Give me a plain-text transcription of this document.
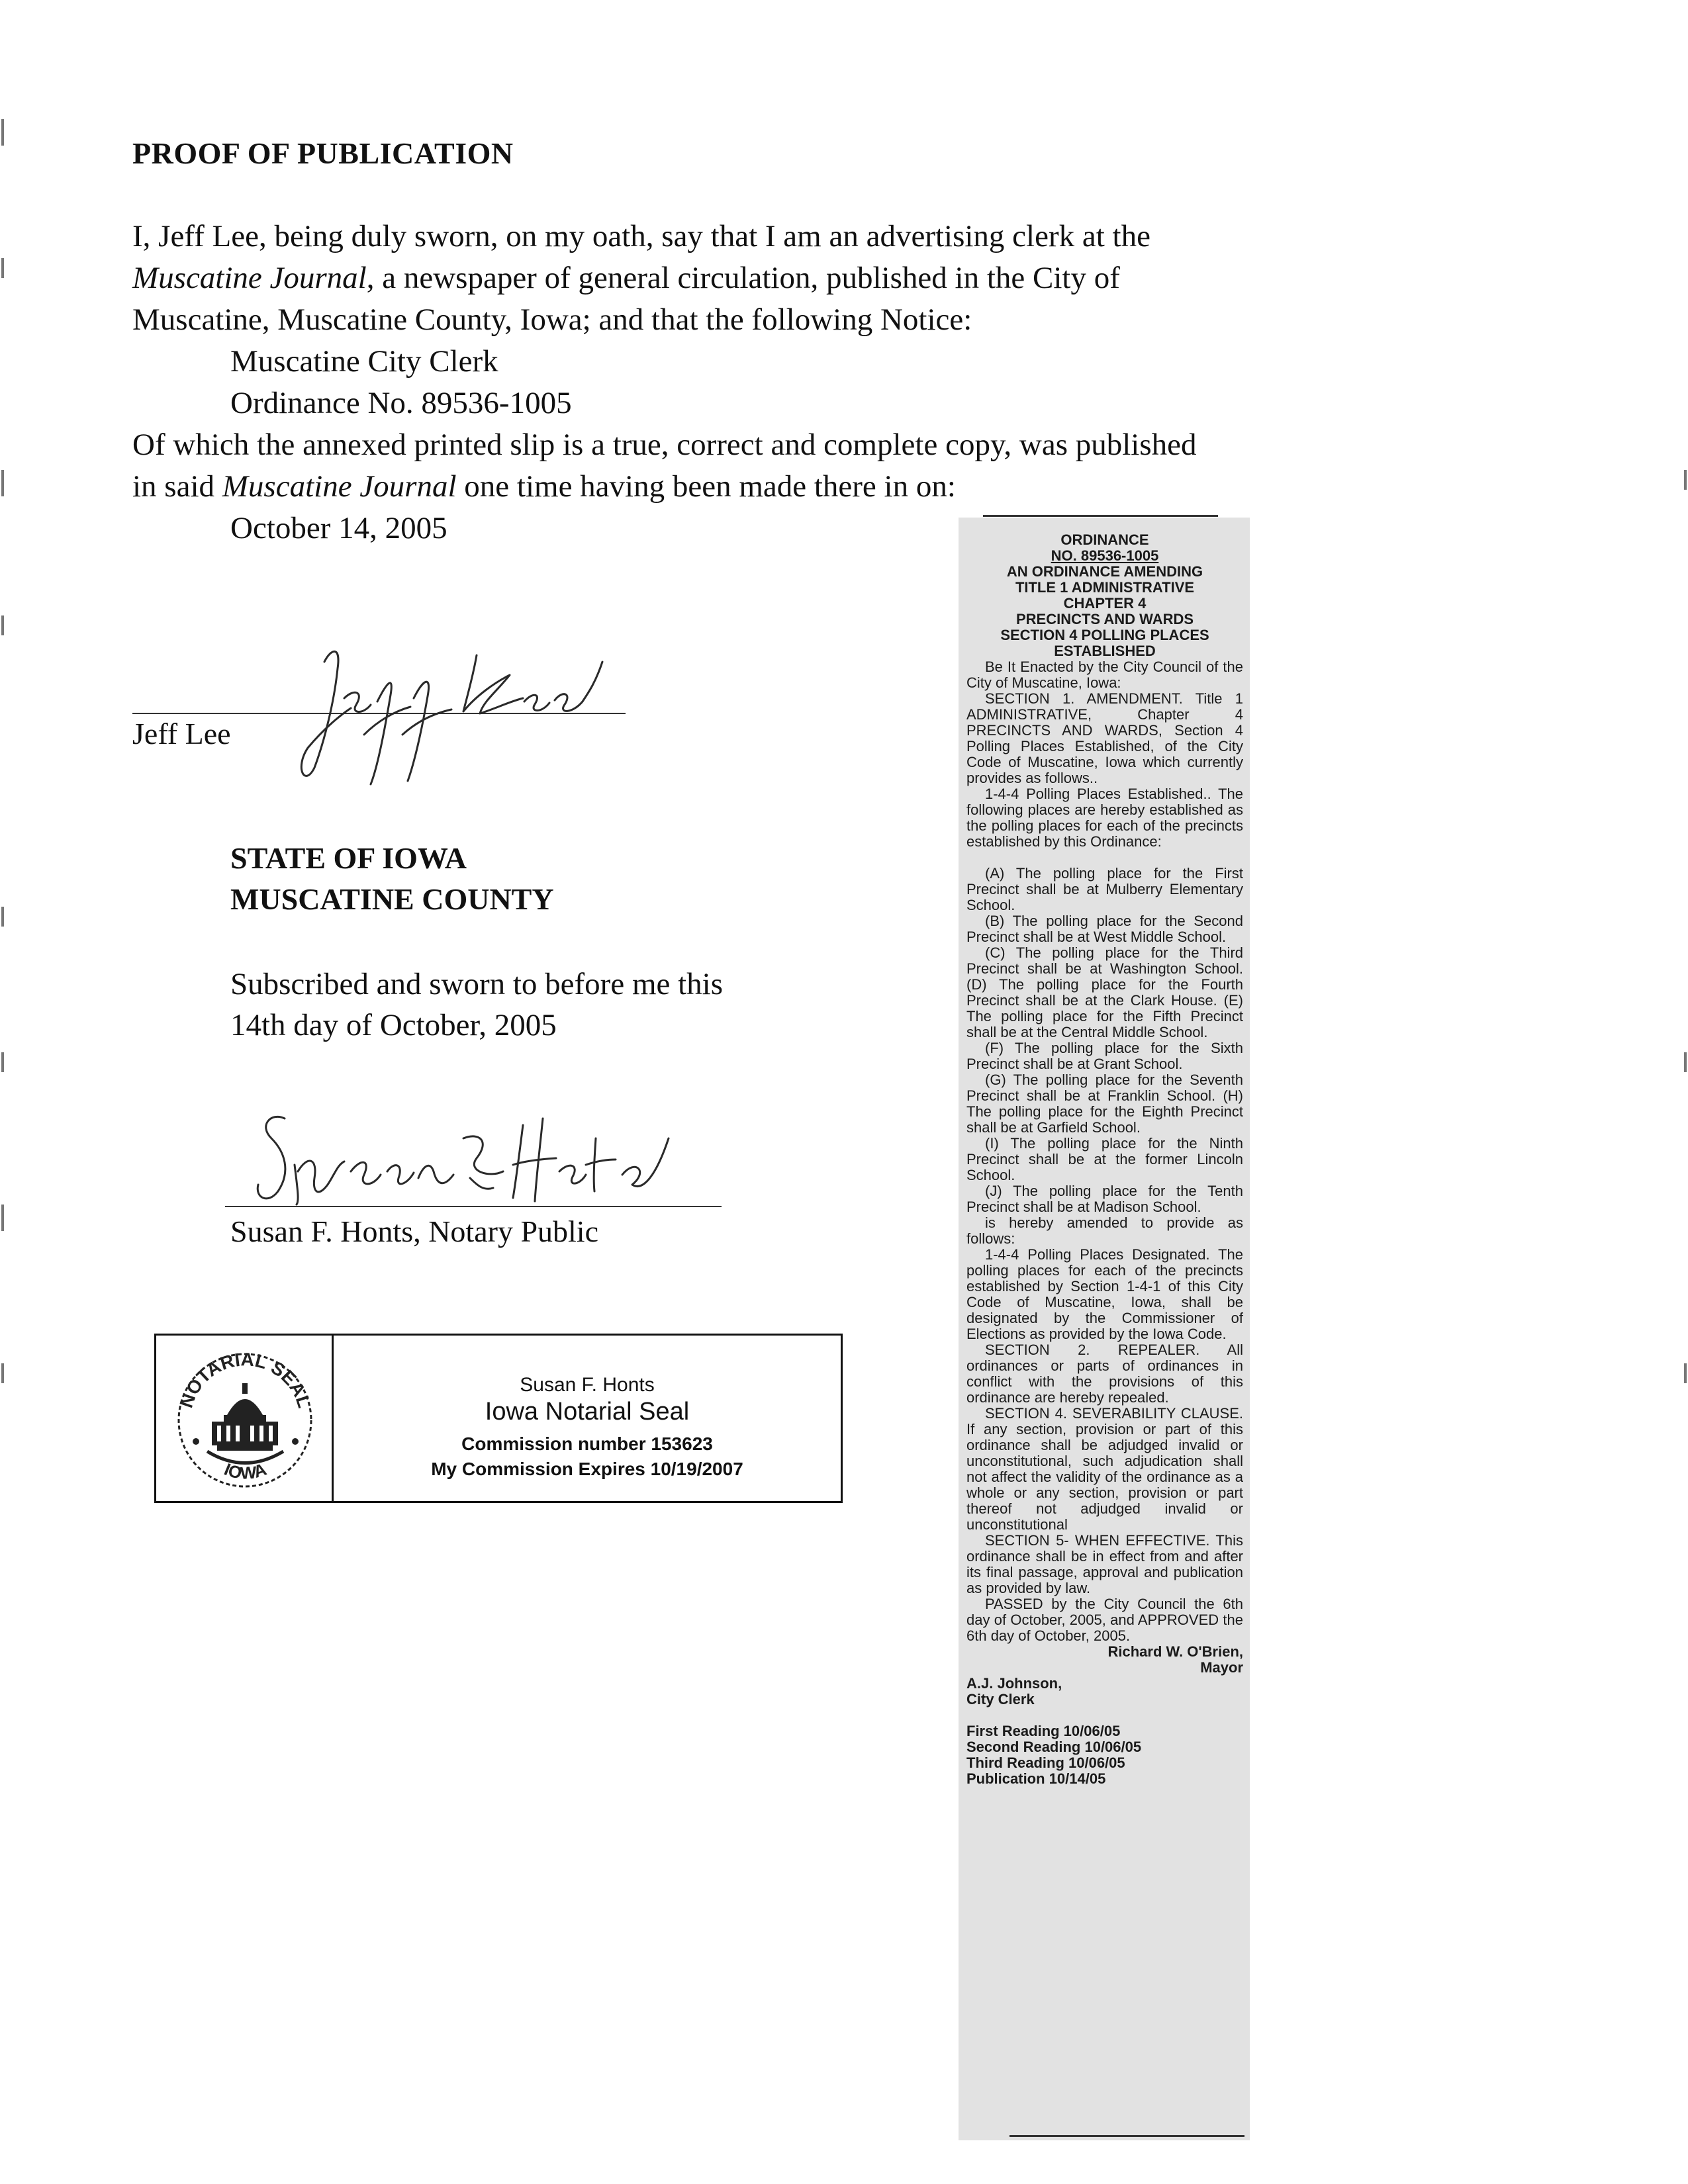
PROOF OF PUBLICATION
I, Jeff Lee, being duly sworn, on my oath, say that I am an advertising clerk at the
Muscatine Journal, a newspaper of general circulation, published in the City of
Muscatine, Muscatine County, Iowa; and that the following Notice:
Muscatine City Clerk
Ordinance No. 89536-1005
Of which the annexed printed slip is a true, correct and complete copy, was published
in said Muscatine Journal one time having been made there in on:
October 14, 2005
Jeff Lee
STATE OF IOWA
MUSCATINE COUNTY
Subscribed and sworn to before me this
14th day of October, 2005
Susan F. Honts, Notary Public
NOTARIAL SEAL
IOWA
Susan F. Honts
Iowa Notarial Seal
Commission number 153623
My Commission Expires 10/19/2007
ORDINANCE
NO. 89536-1005
AN ORDINANCE AMENDING
TITLE 1 ADMINISTRATIVE
CHAPTER 4
PRECINCTS AND WARDS
SECTION 4 POLLING PLACES
ESTABLISHED
Be It Enacted by the City Council of the City of Muscatine, Iowa:
SECTION 1. AMENDMENT. Title 1 ADMINISTRATIVE, Chapter 4 PRECINCTS AND WARDS, Section 4 Polling Places Established, of the City Code of Muscatine, Iowa which currently provides as follows..
1-4-4 Polling Places Established.. The following places are hereby established as the polling places for each of the precincts established by this Ordinance:
(A) The polling place for the First Precinct shall be at Mulberry Elementary School.
(B) The polling place for the Second Precinct shall be at West Middle School.
(C) The polling place for the Third Precinct shall be at Washington School. (D) The polling place for the Fourth Precinct shall be at the Clark House. (E) The polling place for the Fifth Precinct shall be at the Central Middle School.
(F) The polling place for the Sixth Precinct shall be at Grant School.
(G) The polling place for the Seventh Precinct shall be at Franklin School. (H) The polling place for the Eighth Precinct shall be at Garfield School.
(I) The polling place for the Ninth Precinct shall be at the former Lincoln School.
(J) The polling place for the Tenth Precinct shall be at Madison School.
is hereby amended to provide as follows:
1-4-4 Polling Places Designated. The polling places for each of the precincts established by Section 1-4-1 of this City Code of Muscatine, Iowa, shall be designated by the Commissioner of Elections as provided by the Iowa Code.
SECTION 2. REPEALER. All ordinances or parts of ordinances in conflict with the provisions of this ordinance are hereby repealed.
SECTION 4. SEVERABILITY CLAUSE. If any section, provision or part of this ordinance shall be adjudged invalid or unconstitutional, such adjudication shall not affect the validity of the ordinance as a whole or any section, provision or part thereof not adjudged invalid or unconstitutional
SECTION 5- WHEN EFFECTIVE. This ordinance shall be in effect from and after its final passage, approval and publication as provided by law.
PASSED by the City Council the 6th day of October, 2005, and APPROVED the 6th day of October, 2005.
Richard W. O'Brien,
Mayor
A.J. Johnson,
City Clerk
First Reading 10/06/05
Second Reading 10/06/05
Third Reading 10/06/05
Publication 10/14/05
